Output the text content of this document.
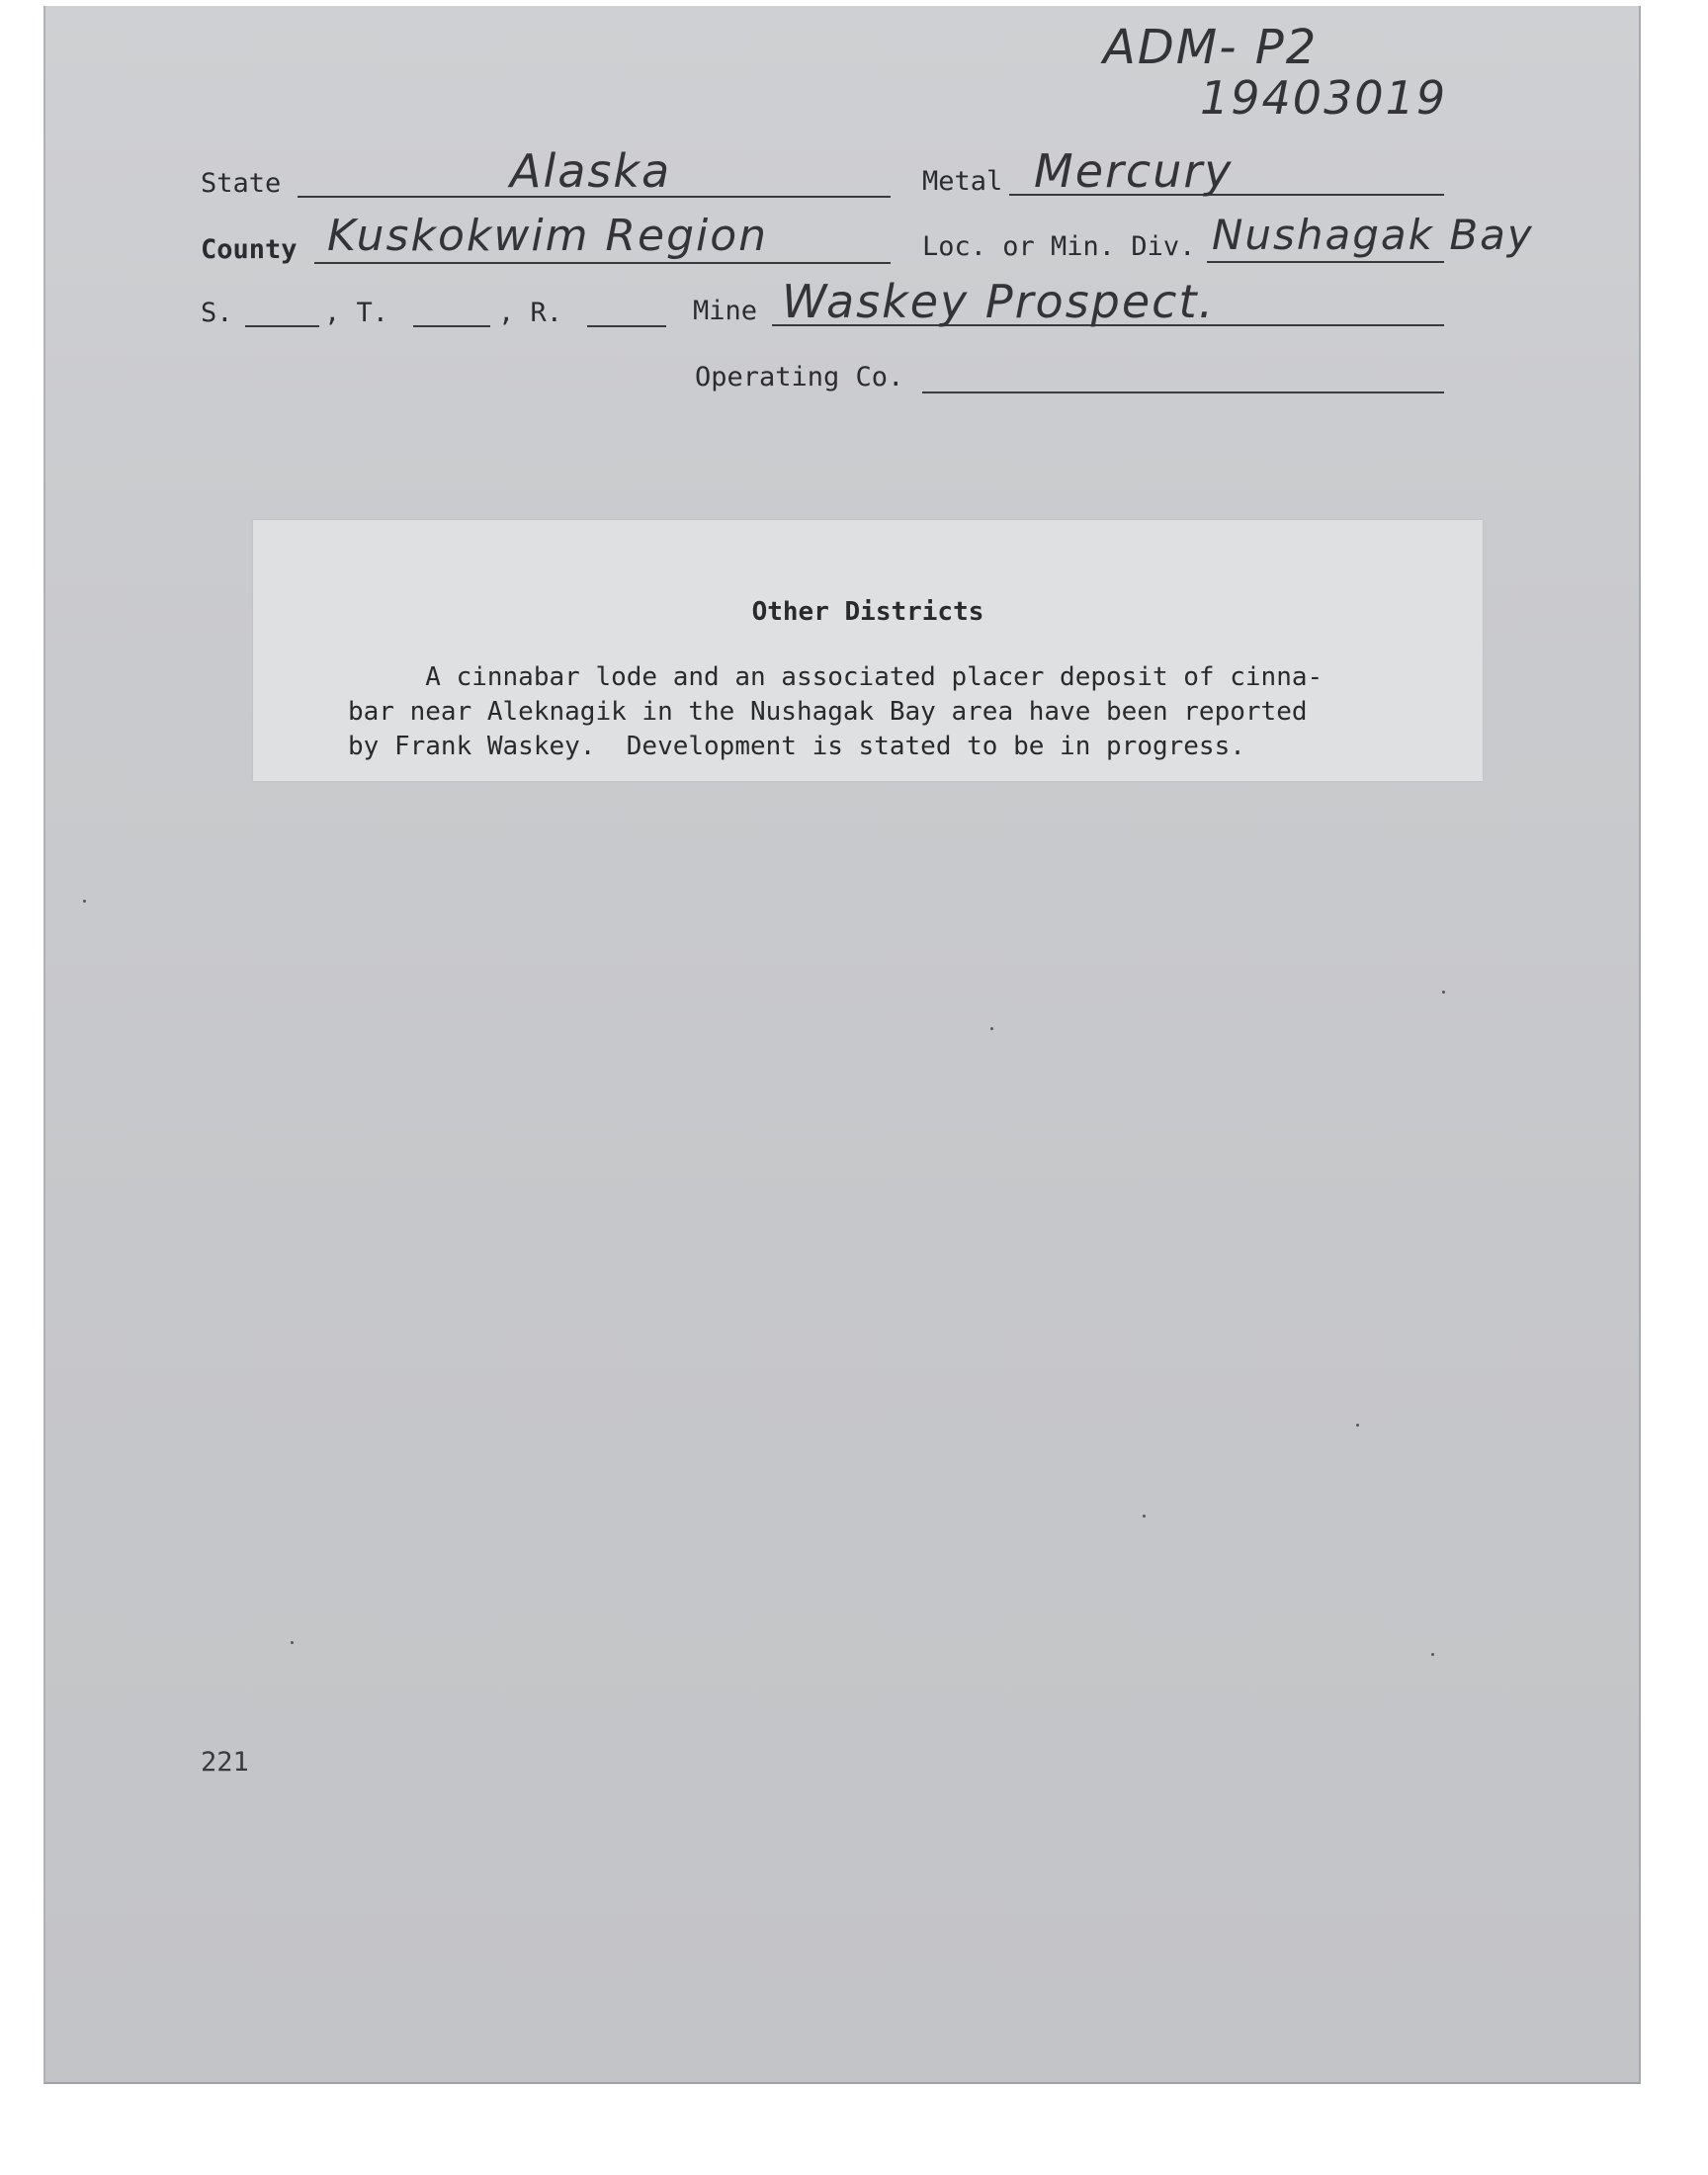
ADM- P2
19403019
State	Alaska	Metal Mercury
County Kuskokwim Region	Loc. or Min. Div. Nushagak Bay
S.	, T.	, R.	Mine Waskey Prospect.
Operating Co.
Other Districts
A cinnabar lode and an associated placer deposit of cinna-
bar near Aleknagik in the Nushagak Bay area have been reported
by Frank Waskey.  Development is stated to be in progress.
221
